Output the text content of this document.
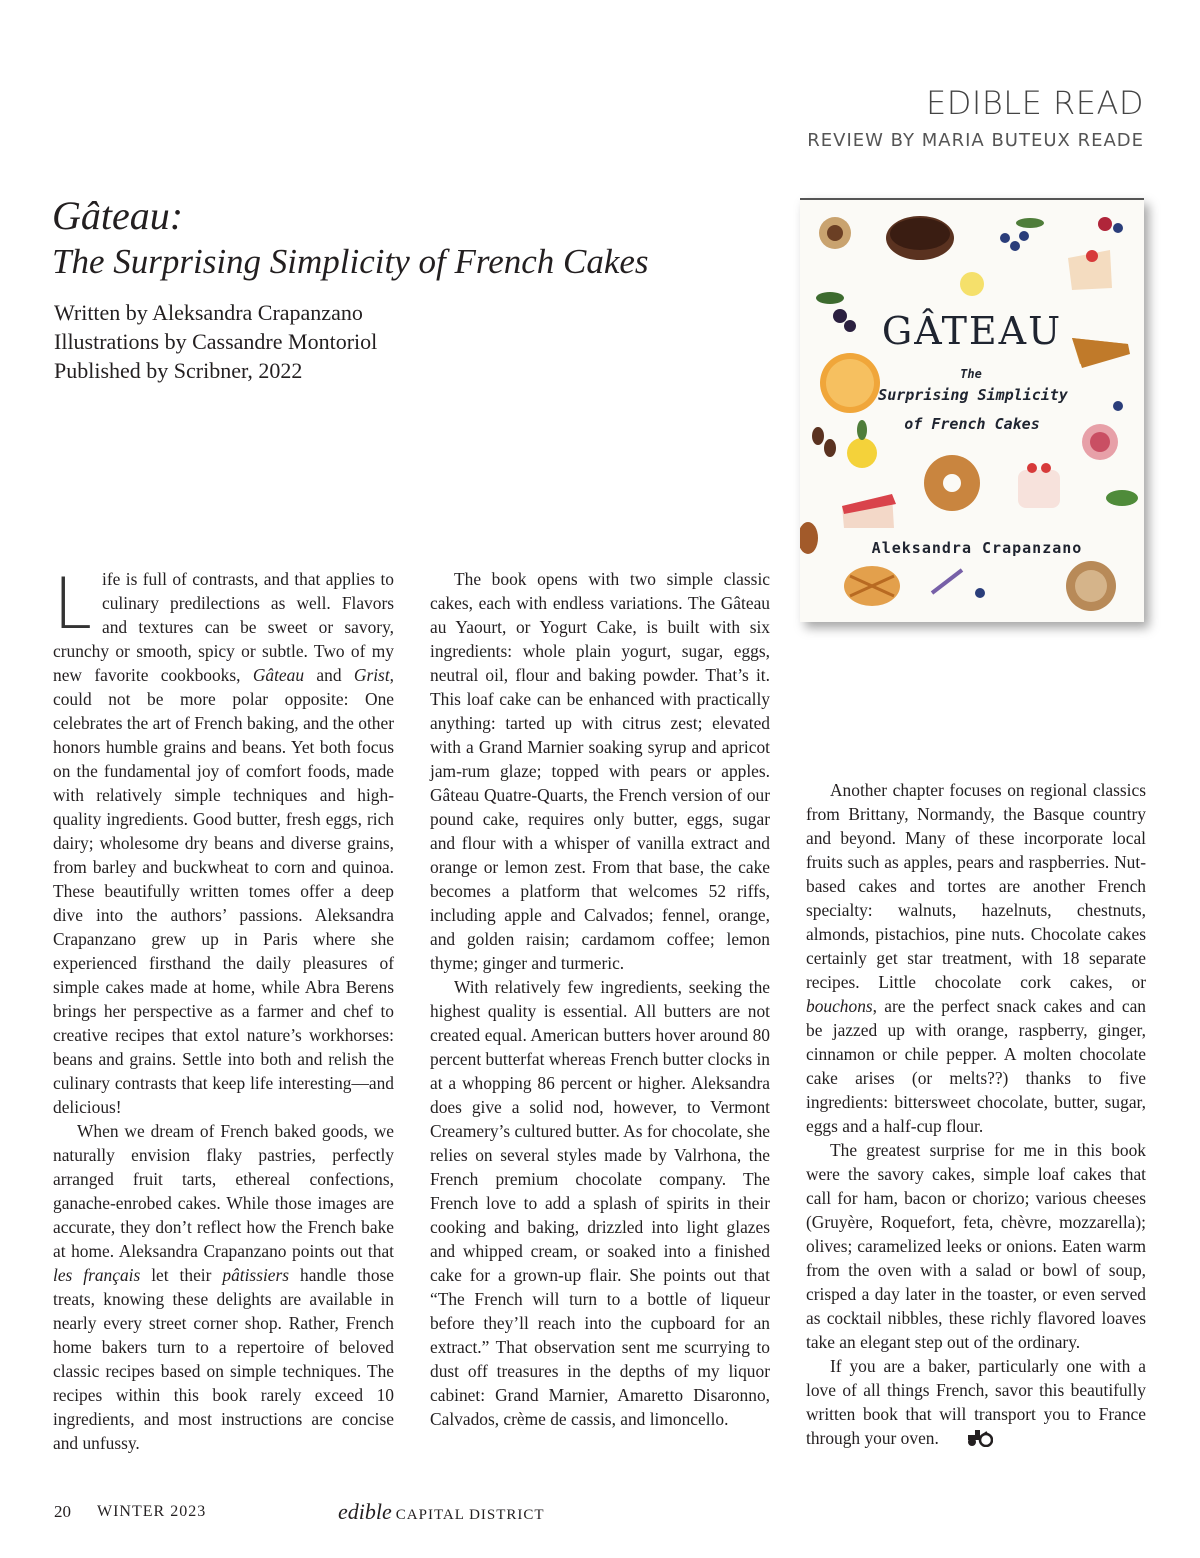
EDIBLE READ
REVIEW BY MARIA BUTEUX READE
Gâteau:
The Surprising Simplicity of French Cakes
Written by Aleksandra Crapanzano
Illustrations by Cassandre Montoriol
Published by Scribner, 2022
GÂTEAU
The
Surprising Simplicity
of French Cakes
Aleksandra Crapanzano

Life is full of contrasts, and that applies to culinary predilections as well. Flavors and textures can be sweet or savory, crunchy or smooth, spicy or subtle. Two of my new favorite cookbooks, Gâteau and Grist, could not be more polar opposite: One celebrates the art of French baking, and the other honors humble grains and beans. Yet both focus on the fundamental joy of comfort foods, made with relatively simple techniques and high-quality ingredients. Good butter, fresh eggs, rich dairy; wholesome dry beans and diverse grains, from barley and buckwheat to corn and quinoa. These beautifully written tomes offer a deep dive into the authors’ passions. Aleksandra Crapanzano grew up in Paris where she experienced firsthand the daily pleasures of simple cakes made at home, while Abra Berens brings her perspective as a farmer and chef to creative recipes that extol nature’s workhorses: beans and grains. Settle into both and relish the culinary contrasts that keep life interesting—and delicious!

When we dream of French baked goods, we naturally envision flaky pastries, perfectly arranged fruit tarts, ethereal confections, ganache-enrobed cakes. While those images are accurate, they don’t reflect how the French bake at home. Aleksandra Crapanzano points out that les français let their pâtissiers handle those treats, knowing these delights are available in nearly every street corner shop. Rather, French home bakers turn to a repertoire of beloved classic recipes based on simple techniques. The recipes within this book rarely exceed 10 ingredients, and most instructions are concise and unfussy.

The book opens with two simple classic cakes, each with endless variations. The Gâteau au Yaourt, or Yogurt Cake, is built with six ingredients: whole plain yogurt, sugar, eggs, neutral oil, flour and baking powder. That’s it. This loaf cake can be enhanced with practically anything: tarted up with citrus zest; elevated with a Grand Marnier soaking syrup and apricot jam-rum glaze; topped with pears or apples. Gâteau Quatre-Quarts, the French version of our pound cake, requires only butter, eggs, sugar and flour with a whisper of vanilla extract and orange or lemon zest. From that base, the cake becomes a platform that welcomes 52 riffs, including apple and Calvados; fennel, orange, and golden raisin; cardamom coffee; lemon thyme; ginger and turmeric.

With relatively few ingredients, seeking the highest quality is essential. All butters are not created equal. American butters hover around 80 percent butterfat whereas French butter clocks in at a whopping 86 percent or higher. Aleksandra does give a solid nod, however, to Vermont Creamery’s cultured butter. As for chocolate, she relies on several styles made by Valrhona, the French premium chocolate company. The French love to add a splash of spirits in their cooking and baking, drizzled into light glazes and whipped cream, or soaked into a finished cake for a grown-up flair. She points out that “The French will turn to a bottle of liqueur before they’ll reach into the cupboard for an extract.” That observation sent me scurrying to dust off treasures in the depths of my liquor cabinet: Grand Marnier, Amaretto Disaronno, Calvados, crème de cassis, and limoncello.

Another chapter focuses on regional classics from Brittany, Normandy, the Basque country and beyond. Many of these incorporate local fruits such as apples, pears and raspberries. Nut-based cakes and tortes are another French specialty: walnuts, hazelnuts, chestnuts, almonds, pistachios, pine nuts. Chocolate cakes certainly get star treatment, with 18 separate recipes. Little chocolate cork cakes, or bouchons, are the perfect snack cakes and can be jazzed up with orange, raspberry, ginger, cinnamon or chile pepper. A molten chocolate cake arises (or melts??) thanks to five ingredients: bittersweet chocolate, butter, sugar, eggs and a half-cup flour.

The greatest surprise for me in this book were the savory cakes, simple loaf cakes that call for ham, bacon or chorizo; various cheeses (Gruyère, Roquefort, feta, chèvre, mozzarella); olives; caramelized leeks or onions. Eaten warm from the oven with a salad or bowl of soup, crisped a day later in the toaster, or even served as cocktail nibbles, these richly flavored loaves take an elegant step out of the ordinary.

If you are a baker, particularly one with a love of all things French, savor this beautifully written book that will transport you to France through your oven.

20 WINTER 2023	edible CAPITAL DISTRICT
